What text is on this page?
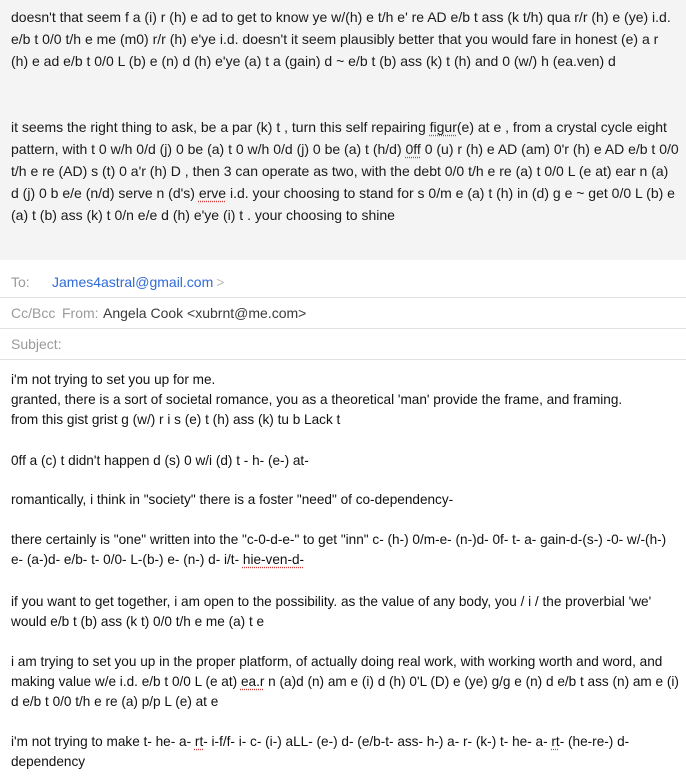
doesn't that seem f a (i) r (h) e ad to get to know ye w/(h) e t/h e' re AD e/b t ass (k t/h) qua r/r (h) e (ye) i.d. e/b t 0/0 t/h e me (m0) r/r (h) e'ye i.d. doesn't it seem plausibly better that you would fare in honest (e) a r (h) e ad e/b t 0/0 L (b) e (n) d (h) e'ye (a) t a (gain) d ~ e/b t (b) ass (k) t (h) and 0 (w/) h (ea.ven) d

it seems the right thing to ask, be a par (k) t , turn this self repairing figur(e) at e , from a crystal cycle eight pattern, with t 0 w/h 0/d (j) 0 be (a) t 0 w/h 0/d (j) 0 be (a) t (h/d) 0ff 0 (u) r (h) e AD (am) 0'r (h) e AD e/b t 0/0 t/h e re (AD) s (t) 0 a'r (h) D , then 3 can operate as two, with the debt 0/0 t/h e re (a) t 0/0 L (e at) ear n (a) d (j) 0 b e/e (n/d) serve n (d's) erve i.d. your choosing to stand for s 0/m e (a) t (h) in (d) g e ~ get 0/0 L (b) e (a) t (b) ass (k) t 0/n e/e d (h) e'ye (i) t . your choosing to shine

To: James4astral@gmail.com >
Cc/Bcc From: Angela Cook <xubrnt@me.com>
Subject:

i'm not trying to set you up for me.
granted, there is a sort of societal romance, you as a theoretical 'man' provide the frame, and framing.
from this gist grist g (w/) r i s (e) t (h) ass (k) tu b Lack t

0ff a (c) t didn't happen d (s) 0 w/i (d) t - h- (e-) at-

romantically, i think in "society" there is a foster "need" of co-dependency-

there certainly is "one" written into the "c-0-d-e-" to get "inn" c- (h-) 0/m-e- (n-)d- 0f- t- a- gain-d-(s-) -0- w/-(h-) e- (a-)d- e/b- t- 0/0- L-(b-) e- (n-) d- i/t- hie-ven-d-

if you want to get together, i am open to the possibility. as the value of any body, you / i / the proverbial 'we' would e/b t (b) ass (k t) 0/0 t/h e me (a) t e

i am trying to set you up in the proper platform, of actually doing real work, with working worth and word, and making value w/e i.d. e/b t 0/0 L (e at) ea.r n (a)d (n) am e (i) d (h) 0'L (D) e (ye) g/g e (n) d e/b t ass (n) am e (i) d e/b t 0/0 t/h e re (a) p/p L (e) at e

i'm not trying to make t- he- a- rt- i-f/f- i- c- (i-) aLL- (e-) d- (e/b-t- ass- h-) a- r- (k-) t- he- a- rt- (he-re-) d- dependency
